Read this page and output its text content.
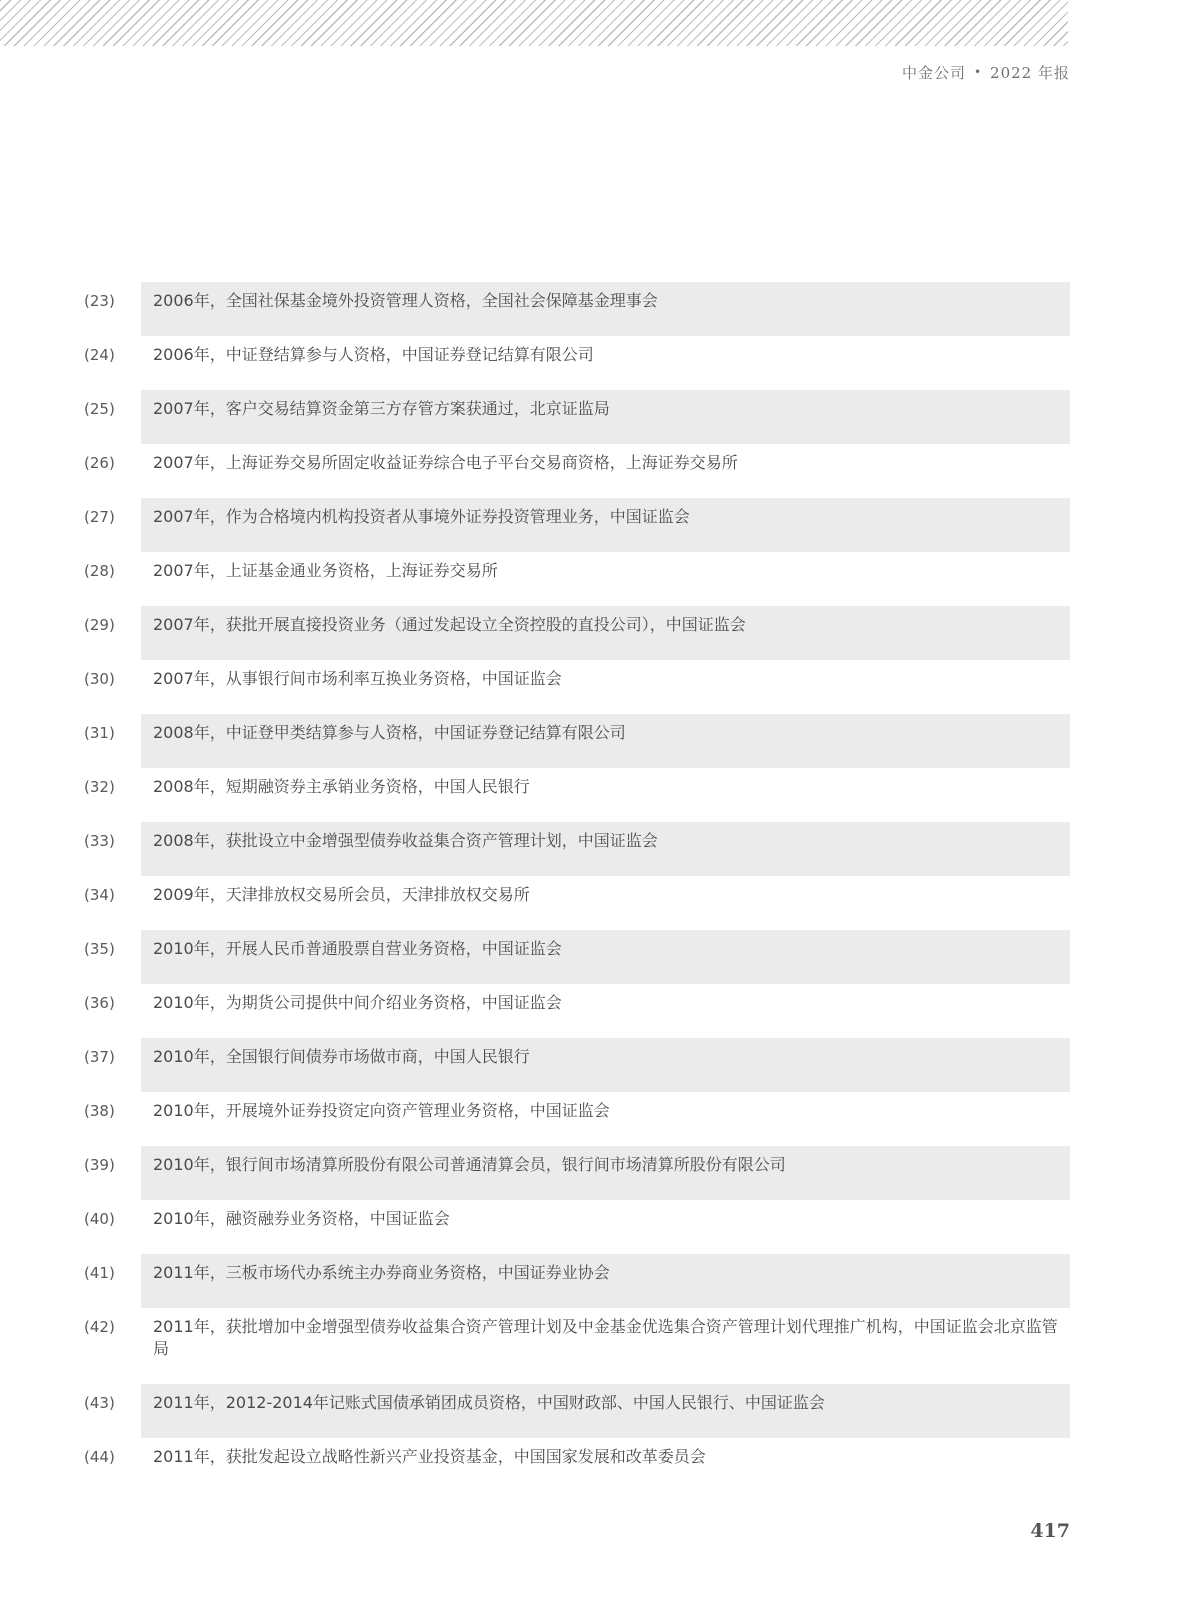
中金公司 • 2022 年报
(23)	2006年，全国社保基金境外投资管理人资格，全国社会保障基金理事会
(24)	2006年，中证登结算参与人资格，中国证券登记结算有限公司
(25)	2007年，客户交易结算资金第三方存管方案获通过，北京证监局
(26)	2007年，上海证券交易所固定收益证券综合电子平台交易商资格，上海证券交易所
(27)	2007年，作为合格境内机构投资者从事境外证券投资管理业务，中国证监会
(28)	2007年，上证基金通业务资格，上海证券交易所
(29)	2007年，获批开展直接投资业务（通过发起设立全资控股的直投公司），中国证监会
(30)	2007年，从事银行间市场利率互换业务资格，中国证监会
(31)	2008年，中证登甲类结算参与人资格，中国证券登记结算有限公司
(32)	2008年，短期融资券主承销业务资格，中国人民银行
(33)	2008年，获批设立中金增强型债券收益集合资产管理计划，中国证监会
(34)	2009年，天津排放权交易所会员，天津排放权交易所
(35)	2010年，开展人民币普通股票自营业务资格，中国证监会
(36)	2010年，为期货公司提供中间介绍业务资格，中国证监会
(37)	2010年，全国银行间债券市场做市商，中国人民银行
(38)	2010年，开展境外证券投资定向资产管理业务资格，中国证监会
(39)	2010年，银行间市场清算所股份有限公司普通清算会员，银行间市场清算所股份有限公司
(40)	2010年，融资融券业务资格，中国证监会
(41)	2011年，三板市场代办系统主办券商业务资格，中国证券业协会
(42)	2011年，获批增加中金增强型债券收益集合资产管理计划及中金基金优选集合资产管理计划代理推广机构，中国证监会北京监管局
(43)	2011年，2012-2014年记账式国债承销团成员资格，中国财政部、中国人民银行、中国证监会
(44)	2011年，获批发起设立战略性新兴产业投资基金，中国国家发展和改革委员会
417
